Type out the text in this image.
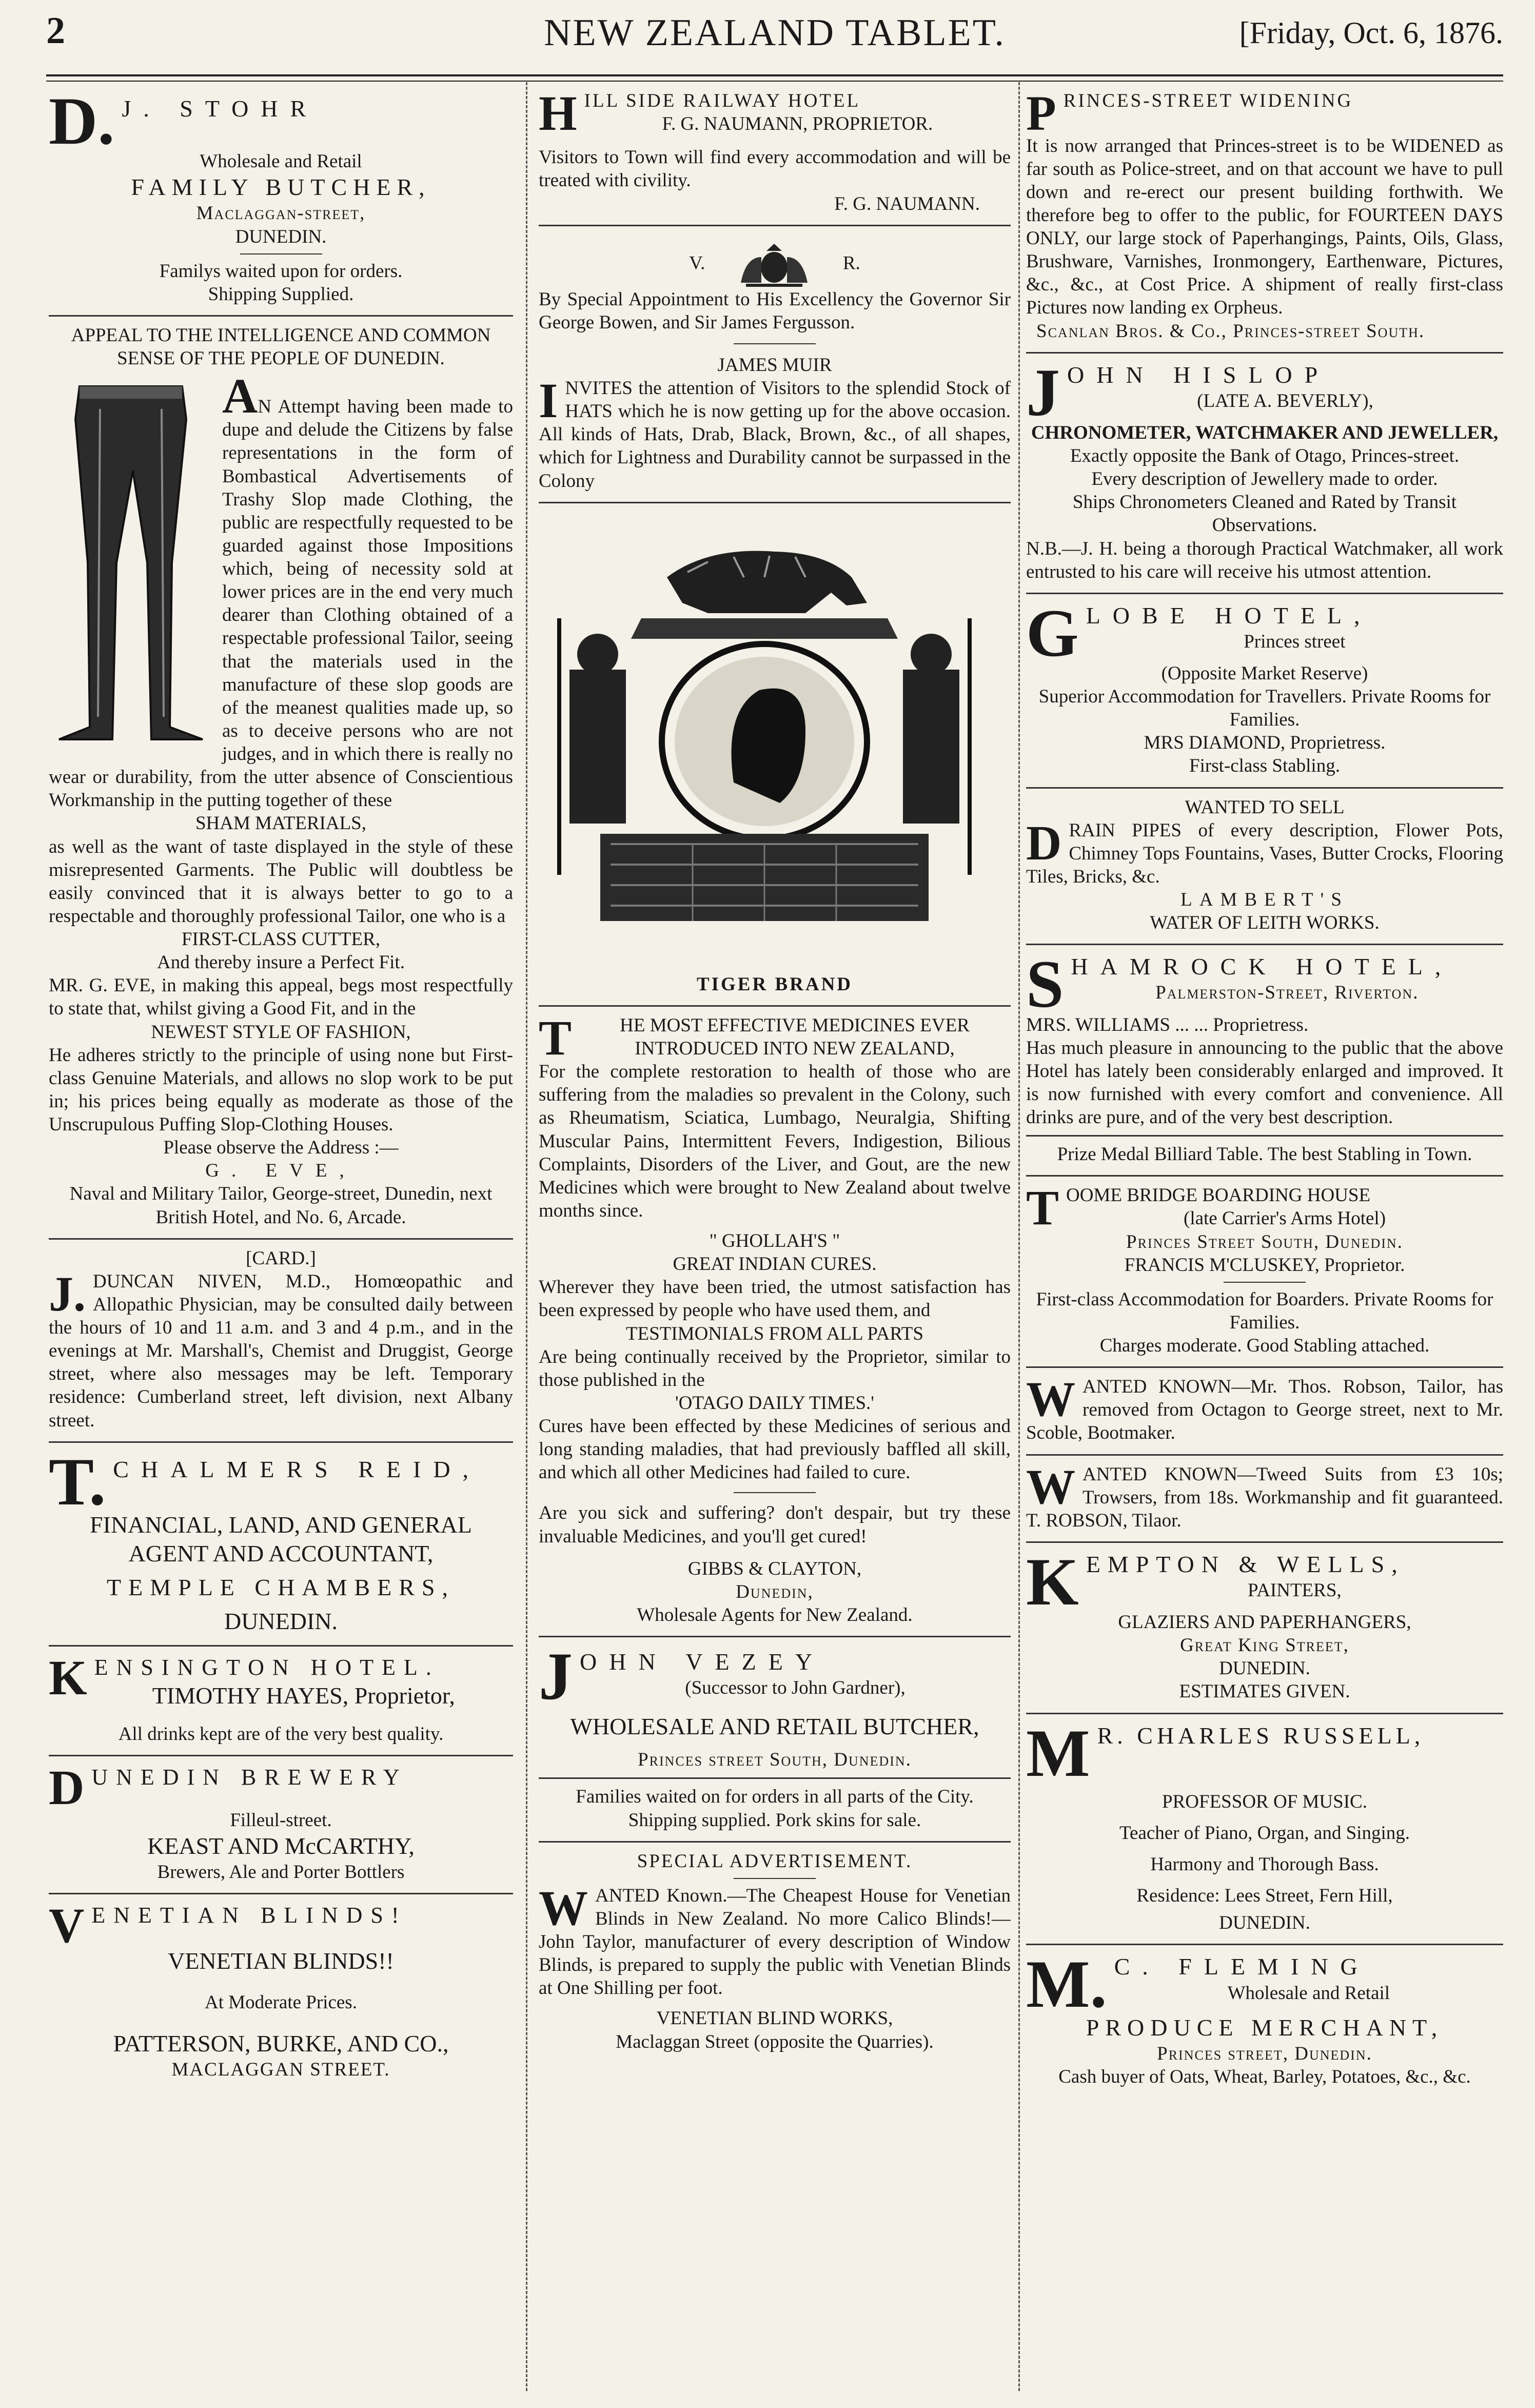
2	NEW ZEALAND TABLET.	[Friday, Oct. 6, 1876.
D. J. STOHR
Wholesale and Retail
FAMILY BUTCHER,
Maclaggan-street,
DUNEDIN.
Familys waited upon for orders.
Shipping Supplied.
APPEAL TO THE INTELLIGENCE AND COMMON SENSE OF THE PEOPLE OF DUNEDIN.
AN Attempt having been made to dupe and delude the Citizens by false representations in the form of Bombastical Advertisements of Trashy Slop made Clothing, the public are respectfully requested to be guarded against those Impositions which, being of necessity sold at lower prices are in the end very much dearer than Clothing obtained of a respectable professional Tailor, seeing that the materials used in the manufacture of these slop goods are of the meanest qualities made up, so as to deceive persons who are not judges, and in which there is really no wear or durability, from the utter absence of Conscientious Workmanship in the putting together of these
SHAM MATERIALS,
as well as the want of taste displayed in the style of these misrepresented Garments. The Public will doubtless be easily convinced that it is always better to go to a respectable and thoroughly professional Tailor, one who is a
FIRST-CLASS CUTTER,
And thereby insure a Perfect Fit.
MR. G. EVE, in making this appeal, begs most respectfully to state that, whilst giving a Good Fit, and in the
NEWEST STYLE OF FASHION,
He adheres strictly to the principle of using none but First-class Genuine Materials, and allows no slop work to be put in; his prices being equally as moderate as those of the Unscrupulous Puffing Slop-Clothing Houses.
Please observe the Address :—
G. EVE,
Naval and Military Tailor, George-street, Dunedin, next British Hotel, and No. 6, Arcade.
[CARD.]
J. DUNCAN NIVEN, M.D., Homœopathic and Allopathic Physician, may be consulted daily between the hours of 10 and 11 a.m. and 3 and 4 p.m., and in the evenings at Mr. Marshall's, Chemist and Druggist, George street, where also messages may be left. Temporary residence: Cumberland street, left division, next Albany street.
T. CHALMERS REID,
FINANCIAL, LAND, AND GENERAL
AGENT AND ACCOUNTANT,
TEMPLE CHAMBERS,
DUNEDIN.
K ENSINGTON HOTEL.
TIMOTHY HAYES, Proprietor,
All drinks kept are of the very best quality.
D UNEDIN BREWERY
Filleul-street.
KEAST AND McCARTHY,
Brewers, Ale and Porter Bottlers
V ENETIAN BLINDS!
VENETIAN BLINDS!!
At Moderate Prices.
PATTERSON, BURKE, AND CO.,
MACLAGGAN STREET.
H ILL SIDE RAILWAY HOTEL
F. G. NAUMANN, PROPRIETOR.
Visitors to Town will find every accommodation and will be treated with civility.
F. G. NAUMANN.
V.	R.
By Special Appointment to His Excellency the Governor Sir George Bowen, and Sir James Fergusson.
JAMES MUIR
INVITES the attention of Visitors to the splendid Stock of HATS which he is now getting up for the above occasion. All kinds of Hats, Drab, Black, Brown, &c., of all shapes, which for Lightness and Durability cannot be surpassed in the Colony
TIGER BRAND
T	HE MOST EFFECTIVE MEDICINES EVER INTRODUCED INTO NEW ZEALAND,
For the complete restoration to health of those who are suffering from the maladies so prevalent in the Colony, such as Rheumatism, Sciatica, Lumbago, Neuralgia, Shifting Muscular Pains, Intermittent Fevers, Indigestion, Bilious Complaints, Disorders of the Liver, and Gout, are the new Medicines which were brought to New Zealand about twelve months since.
" GHOLLAH'S "
GREAT INDIAN CURES.
Wherever they have been tried, the utmost satisfaction has been expressed by people who have used them, and
TESTIMONIALS FROM ALL PARTS
Are being continually received by the Proprietor, similar to those published in the
'OTAGO DAILY TIMES.'
Cures have been effected by these Medicines of serious and long standing maladies, that had previously baffled all skill, and which all other Medicines had failed to cure.
Are you sick and suffering? don't despair, but try these invaluable Medicines, and you'll get cured!
GIBBS & CLAYTON,
Dunedin,
Wholesale Agents for New Zealand.
J OHN VEZEY
(Successor to John Gardner),
WHOLESALE AND RETAIL BUTCHER,
Princes street South, Dunedin.
Families waited on for orders in all parts of the City.
Shipping supplied. Pork skins for sale.
SPECIAL ADVERTISEMENT.
WANTED Known.—The Cheapest House for Venetian Blinds in New Zealand. No more Calico Blinds!—John Taylor, manufacturer of every description of Window Blinds, is prepared to supply the public with Venetian Blinds at One Shilling per foot.
VENETIAN BLIND WORKS,
Maclaggan Street (opposite the Quarries).
P RINCES-STREET WIDENING
It is now arranged that Princes-street is to be WIDENED as far south as Police-street, and on that account we have to pull down and re-erect our present building forthwith. We therefore beg to offer to the public, for FOURTEEN DAYS ONLY, our large stock of Paperhangings, Paints, Oils, Glass, Brushware, Varnishes, Ironmongery, Earthenware, Pictures, &c., &c., at Cost Price. A shipment of really first-class Pictures now landing ex Orpheus.
Scanlan Bros. & Co., Princes-street South.
J OHN HISLOP
(LATE A. BEVERLY),
CHRONOMETER, WATCHMAKER AND JEWELLER,
Exactly opposite the Bank of Otago, Princes-street.
Every description of Jewellery made to order.
Ships Chronometers Cleaned and Rated by Transit Observations.
N.B.—J. H. being a thorough Practical Watchmaker, all work entrusted to his care will receive his utmost attention.
G LOBE HOTEL,
Princes street
(Opposite Market Reserve)
Superior Accommodation for Travellers. Private Rooms for Families.
MRS DIAMOND, Proprietress.
First-class Stabling.
WANTED TO SELL
DRAIN PIPES of every description, Flower Pots, Chimney Tops Fountains, Vases, Butter Crocks, Flooring Tiles, Bricks, &c.
LAMBERT'S
WATER OF LEITH WORKS.
S HAMROCK HOTEL,
Palmerston-Street, Riverton.
MRS. WILLIAMS ... ... Proprietress.
Has much pleasure in announcing to the public that the above Hotel has lately been considerably enlarged and improved. It is now furnished with every comfort and convenience. All drinks are pure, and of the very best description.
Prize Medal Billiard Table. The best Stabling in Town.
T OOME BRIDGE BOARDING HOUSE
(late Carrier's Arms Hotel)
Princes Street South, Dunedin.
FRANCIS M'CLUSKEY, Proprietor.
First-class Accommodation for Boarders. Private Rooms for Families.
Charges moderate. Good Stabling attached.
WANTED KNOWN—Mr. Thos. Robson, Tailor, has removed from Octagon to George street, next to Mr. Scoble, Bootmaker.
WANTED KNOWN—Tweed Suits from £3 10s; Trowsers, from 18s. Workmanship and fit guaranteed. T. ROBSON, Tilaor.
K EMPTON & WELLS,
PAINTERS,
GLAZIERS AND PAPERHANGERS,
Great King Street,
DUNEDIN.
ESTIMATES GIVEN.
M R. CHARLES RUSSELL,
PROFESSOR OF MUSIC.
Teacher of Piano, Organ, and Singing.
Harmony and Thorough Bass.
Residence: Lees Street, Fern Hill,
DUNEDIN.
M. C. FLEMING
Wholesale and Retail
PRODUCE MERCHANT,
Princes street, Dunedin.
Cash buyer of Oats, Wheat, Barley, Potatoes, &c., &c.
